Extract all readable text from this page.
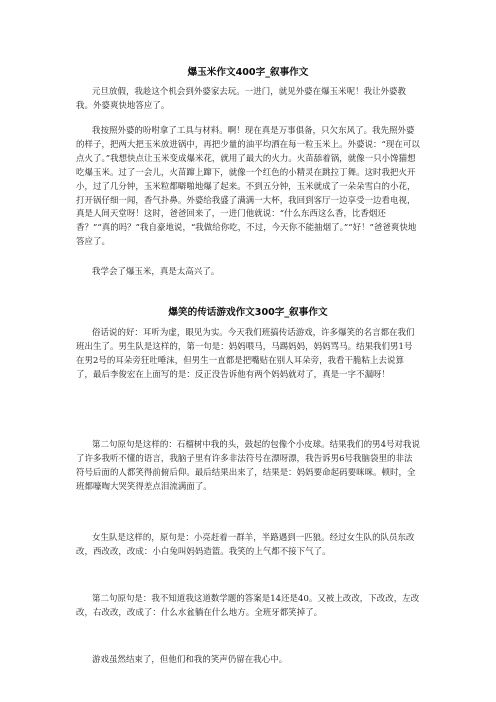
爆玉米作文400字_叙事作文

元旦放假，我趁这个机会到外婆家去玩。一进门，就见外婆在爆玉米呢！我让外婆教我。外婆爽快地答应了。

我按照外婆的吩咐拿了工具与材料。啊！现在真是万事俱备，只欠东风了。我先照外婆的样子，把两大把玉米放进锅中，再把少量的油平均洒在每一粒玉米上。外婆说：“现在可以点火了。”我想快点让玉米变成爆米花，就用了最大的火力。火苗舔着锅，就像一只小馋猫想吃爆玉米。过了一会儿，火苗蹿上蹿下，就像一个红色的小精灵在跳拉丁舞。这时我把火开小，过了几分钟，玉米粒都噼啪地爆了起来。不到五分钟，玉米就成了一朵朵雪白的小花，打开锅仔细一闻，香气扑鼻。外婆给我盛了满满一大杯，我回到客厅一边享受一边看电视，真是人间天堂呀！这时，爸爸回来了，一进门他就说：“什么东西这么香，比香烟还香？”“真的吗？”我自豪地说，“我做给你吃，不过，今天你不能抽烟了。”“好！”爸爸爽快地答应了。

我学会了爆玉米，真是太高兴了。

爆笑的传话游戏作文300字_叙事作文

俗话说的好：耳听为虚，眼见为实。今天我们班搞传话游戏，许多爆笑的名言都在我们班出生了。男生队是这样的，第一句是：妈妈喂马，马踢妈妈，妈妈骂马。结果我们男1号在男2号的耳朵旁狂吐唾沫，但男生一直都是把嘴贴在别人耳朵旁，我看干脆粘上去说算了，最后李俊宏在上面写的是：反正没告诉他有两个妈妈就对了，真是一字不漏呀！

第二句原句是这样的：石榴树中我的头，鼓起的包像个小皮球。结果我们的男4号对我说了许多我听不懂的语言，我脑子里有许多非法符号在漂呀漂，我告诉男6号我脑袋里的非法符号后面的人都笑得前俯后仰。最后结果出来了，结果是：妈妈要命起码要咪咪。顿时，全班都嚎啕大哭笑得差点泪流满面了。

女生队是这样的，原句是：小亮赶着一群羊，半路遇到一匹狼。经过女生队的队员东改改，西改改，改成：小白兔叫妈妈造篮。我笑的上气都不接下气了。

第二句原句是：我不知道我这道数学题的答案是14还是40。又被上改改，下改改，左改改，右改改，改成了：什么水盆躺在什么地方。全班牙都笑掉了。

游戏虽然结束了，但他们和我的笑声仍留在我心中。
